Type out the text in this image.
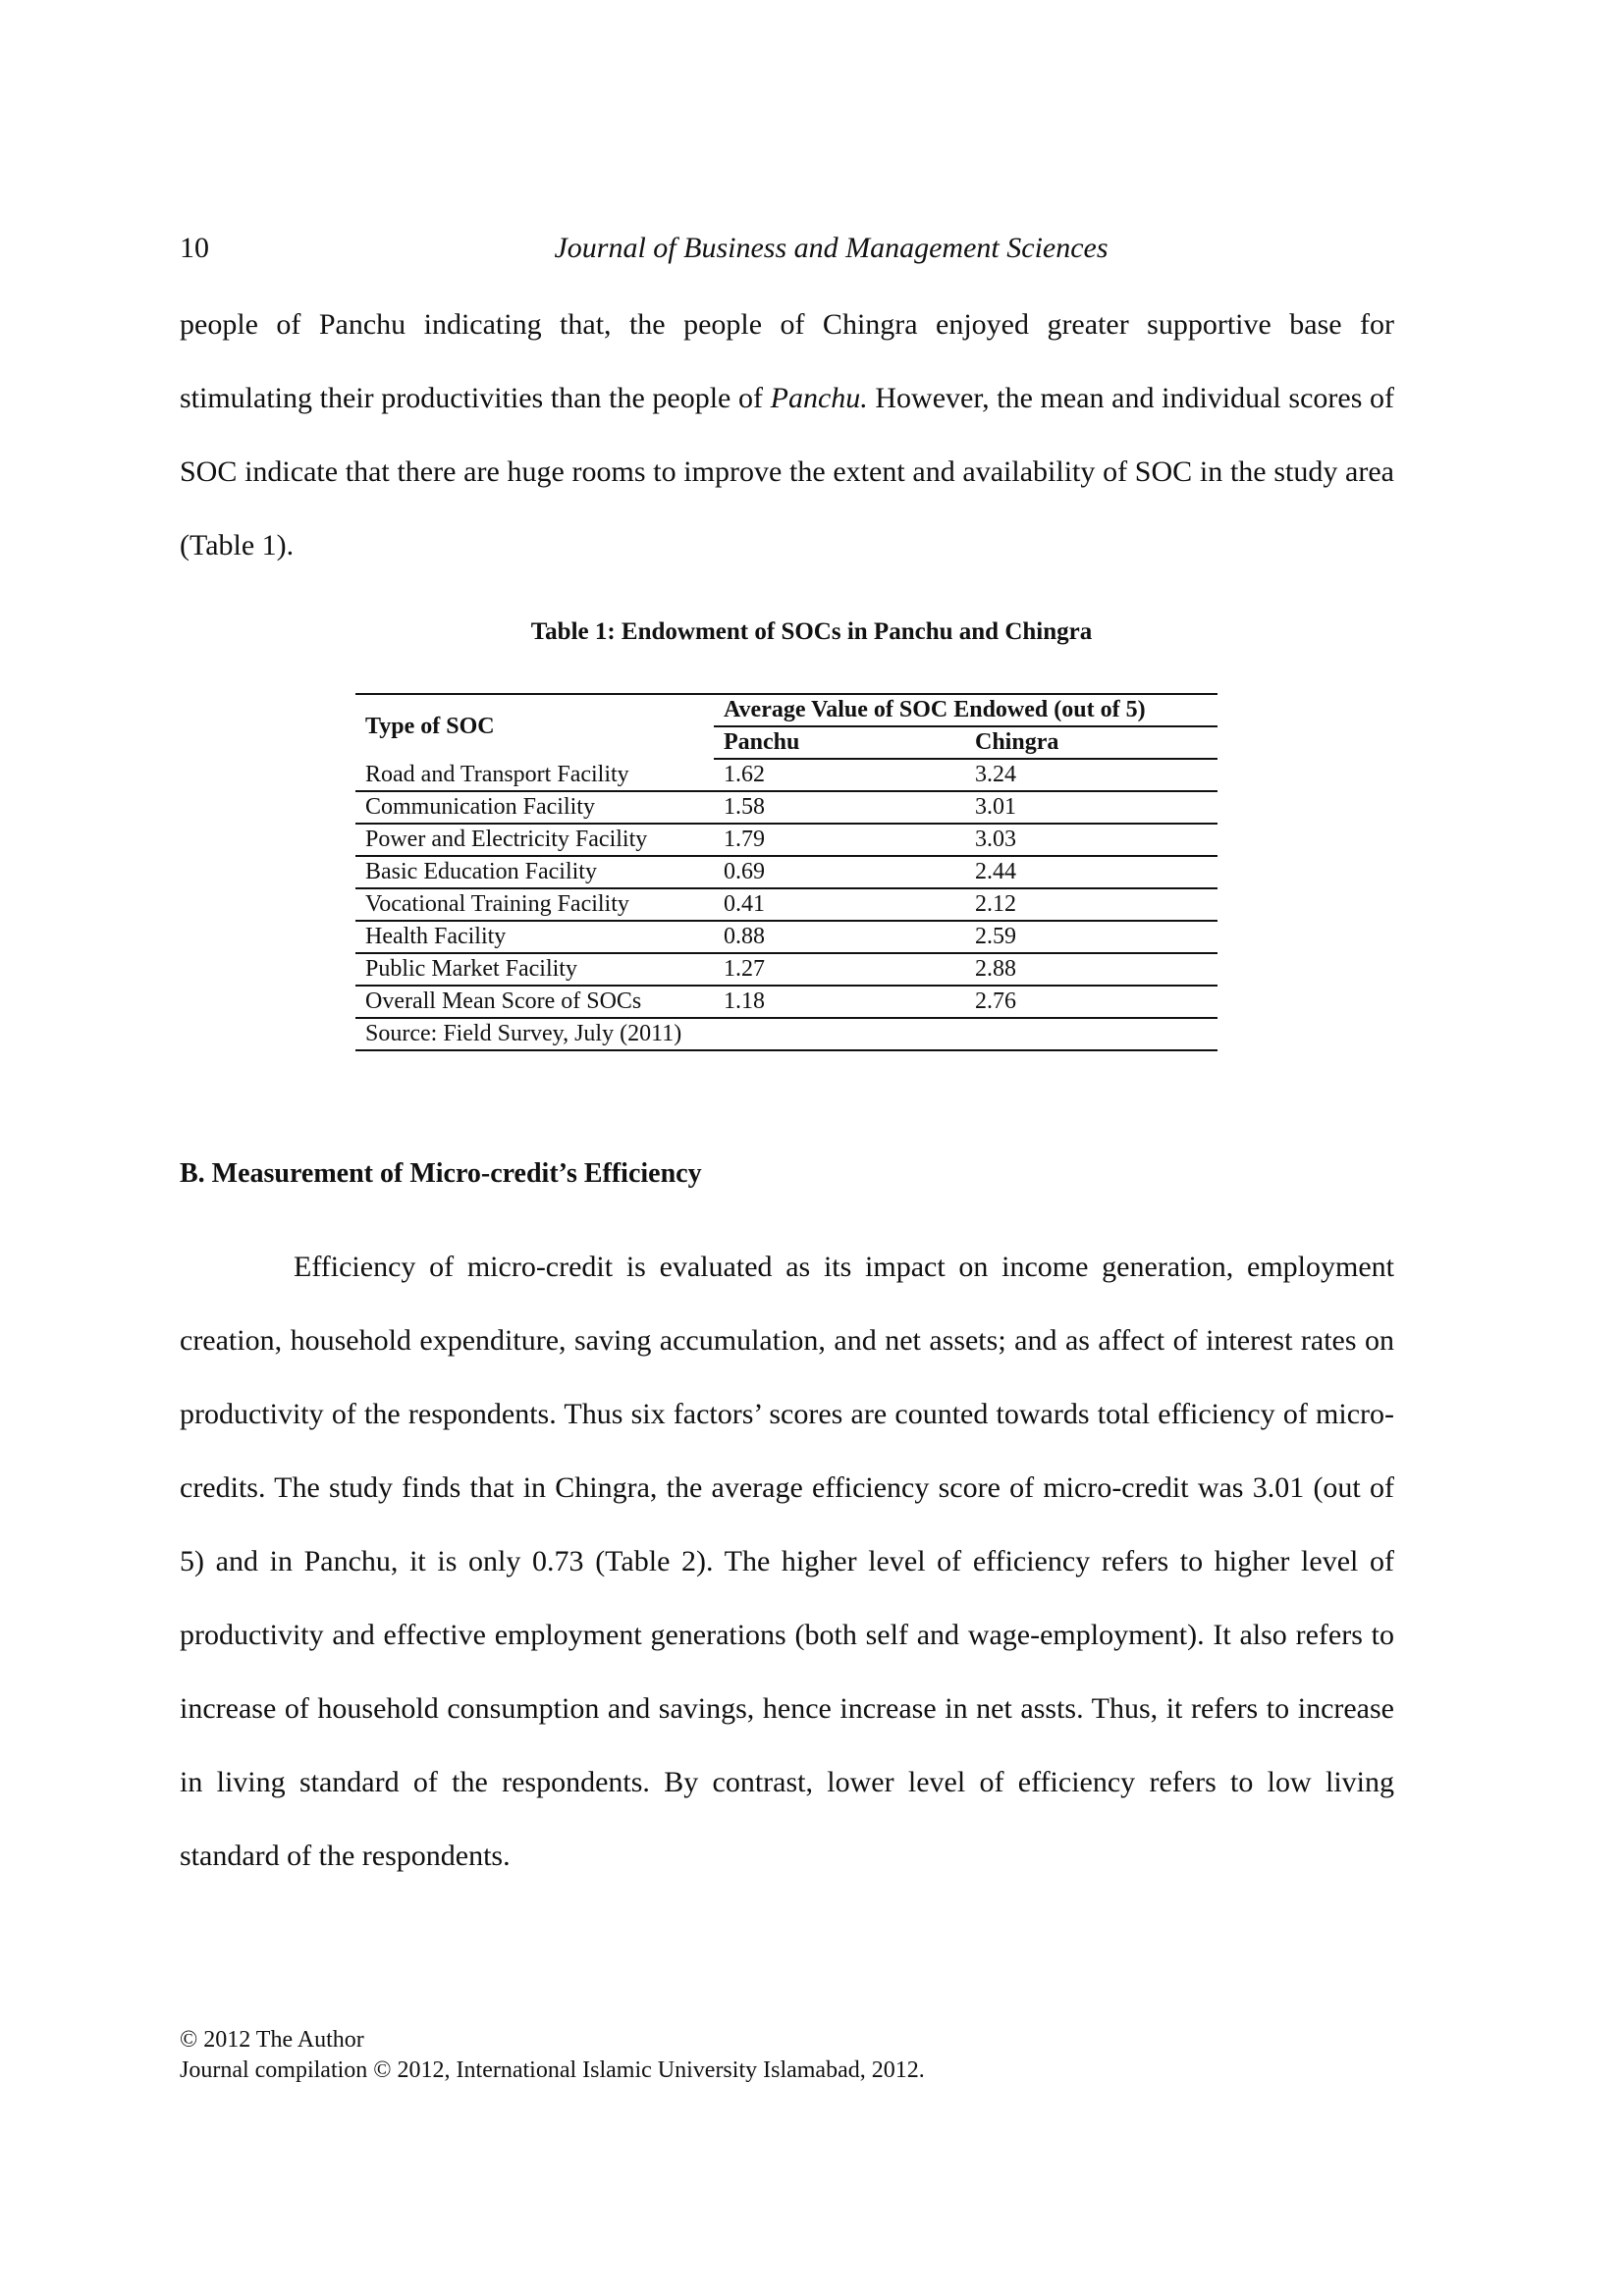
10	Journal of Business and Management Sciences

people of Panchu indicating that, the people of Chingra enjoyed greater supportive base for stimulating their productivities than the people of Panchu. However, the mean and individual scores of SOC indicate that there are huge rooms to improve the extent and availability of SOC in the study area (Table 1).

Table 1: Endowment of SOCs in Panchu and Chingra
Type of SOC	Average Value of SOC Endowed (out of 5)	
	Panchu	Chingra
Road and Transport Facility	1.62	3.24
Communication Facility	1.58	3.01
Power and Electricity Facility	1.79	3.03
Basic Education Facility	0.69	2.44
Vocational Training Facility	0.41	2.12
Health Facility	0.88	2.59
Public Market Facility	1.27	2.88
Overall Mean Score of SOCs	1.18	2.76
Source: Field Survey, July (2011)		
B. Measurement of Micro-credit’s Efficiency

Efficiency of micro-credit is evaluated as its impact on income generation, employment creation, household expenditure, saving accumulation, and net assets; and as affect of interest rates on productivity of the respondents. Thus six factors’ scores are counted towards total efficiency of micro-credits. The study finds that in Chingra, the average efficiency score of micro-credit was 3.01 (out of 5) and in Panchu, it is only 0.73 (Table 2). The higher level of efficiency refers to higher level of productivity and effective employment generations (both self and wage-employment). It also refers to increase of household consumption and savings, hence increase in net assts. Thus, it refers to increase in living standard of the respondents. By contrast, lower level of efficiency refers to low living standard of the respondents.

© 2012 The Author
Journal compilation © 2012, International Islamic University Islamabad, 2012.
